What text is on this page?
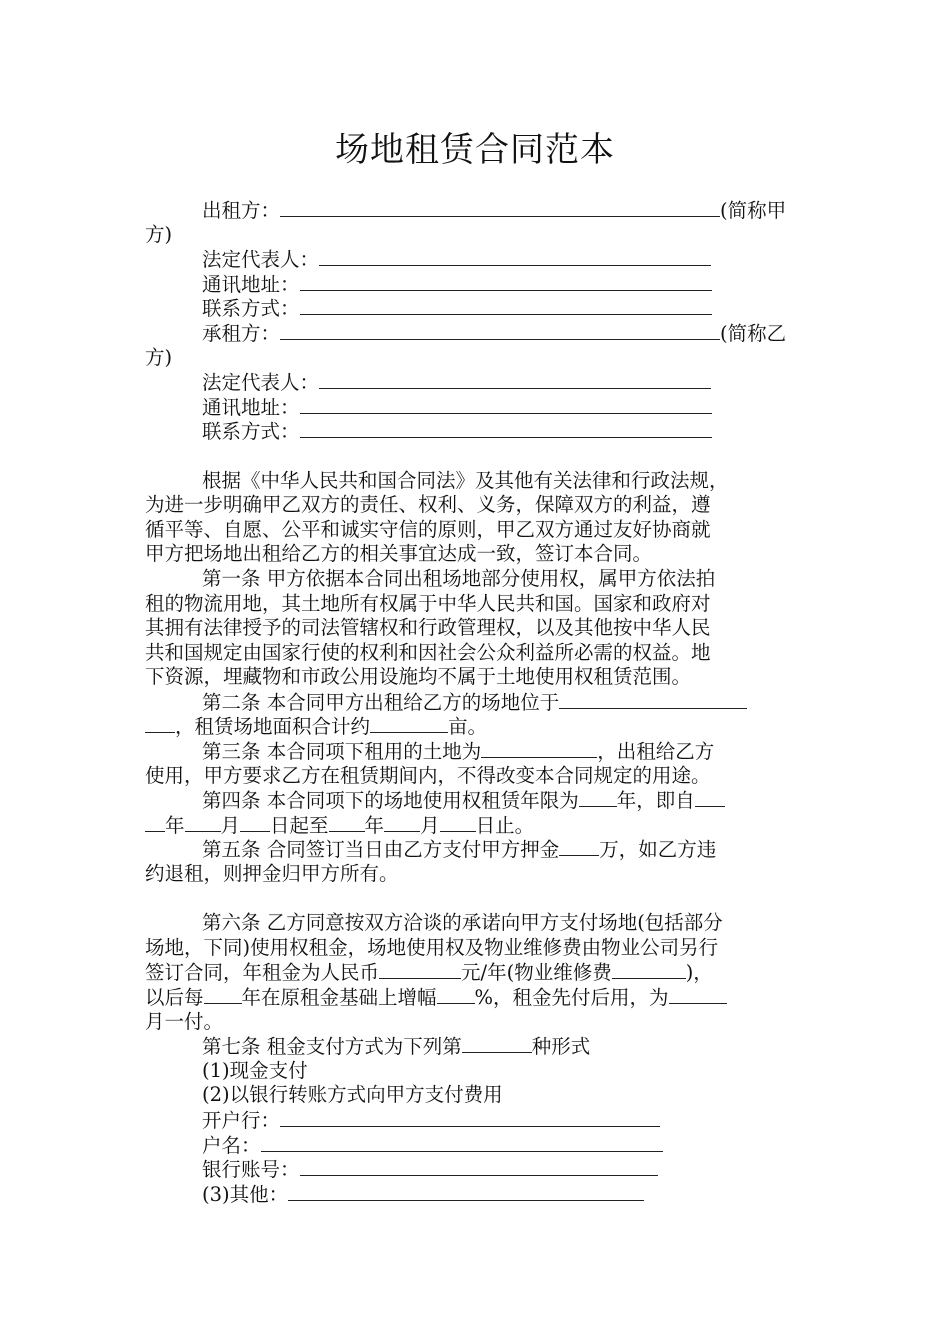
场地租赁合同范本
出租方：	(简称甲
方)
法定代表人：
通讯地址：
联系方式：
承租方：	(简称乙
方)
法定代表人：
通讯地址：
联系方式：
根据《中华人民共和国合同法》及其他有关法律和行政法规，
为进一步明确甲乙双方的责任、权利、义务，保障双方的利益，遵
循平等、自愿、公平和诚实守信的原则，甲乙双方通过友好协商就
甲方把场地出租给乙方的相关事宜达成一致，签订本合同。
第一条 甲方依据本合同出租场地部分使用权，属甲方依法拍
租的物流用地，其土地所有权属于中华人民共和国。国家和政府对
其拥有法律授予的司法管辖权和行政管理权，以及其他按中华人民
共和国规定由国家行使的权利和因社会公众利益所必需的权益。地
下资源，埋藏物和市政公用设施均不属于土地使用权租赁范围。
第二条 本合同甲方出租给乙方的场地位于
，租赁场地面积合计约	亩。
第三条 本合同项下租用的土地为	，出租给乙方
使用，甲方要求乙方在租赁期间内，不得改变本合同规定的用途。
第四条 本合同项下的场地使用权租赁年限为 年，即自
年 月 日起至 年 月 日止。
第五条 合同签订当日由乙方支付甲方押金 万，如乙方违
约退租，则押金归甲方所有。
第六条 乙方同意按双方洽谈的承诺向甲方支付场地(包括部分
场地，下同)使用权租金，场地使用权及物业维修费由物业公司另行
签订合同，年租金为人民币	元/年(物业维修费	)，
以后每 年在原租金基础上增幅 %，租金先付后用，为
月一付。
第七条 租金支付方式为下列第	种形式
(1)现金支付
(2)以银行转账方式向甲方支付费用
开户行：
户名：
银行账号：
(3)其他：
